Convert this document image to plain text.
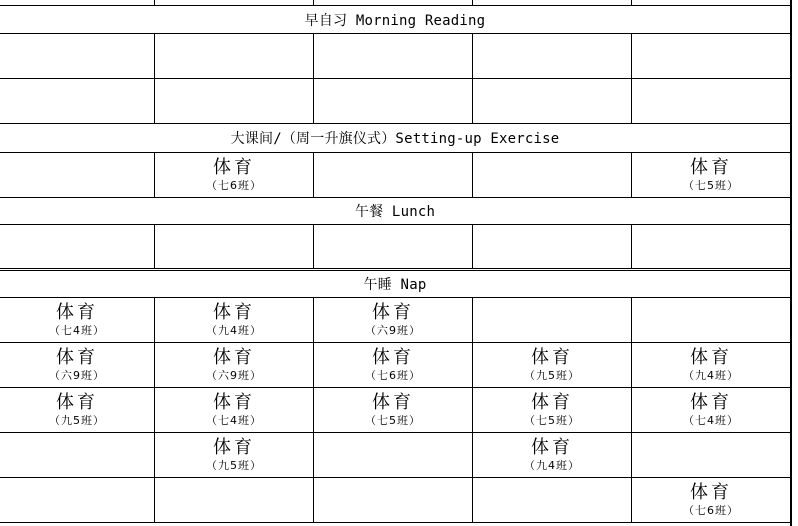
早自习 Morning Reading
大课间/（周一升旗仪式）Setting-up Exercise
体育
（七6班）
体育
（七5班）
午餐 Lunch
午睡 Nap
体育
（七4班）
体育
（九4班）
体育
（六9班）
体育
（六9班）
体育
（六9班）
体育
（七6班）
体育
（九5班）
体育
（九4班）
体育
（九5班）
体育
（七4班）
体育
（七5班）
体育
（七5班）
体育
（七4班）
体育
（九5班）
体育
（九4班）
体育
（七6班）
